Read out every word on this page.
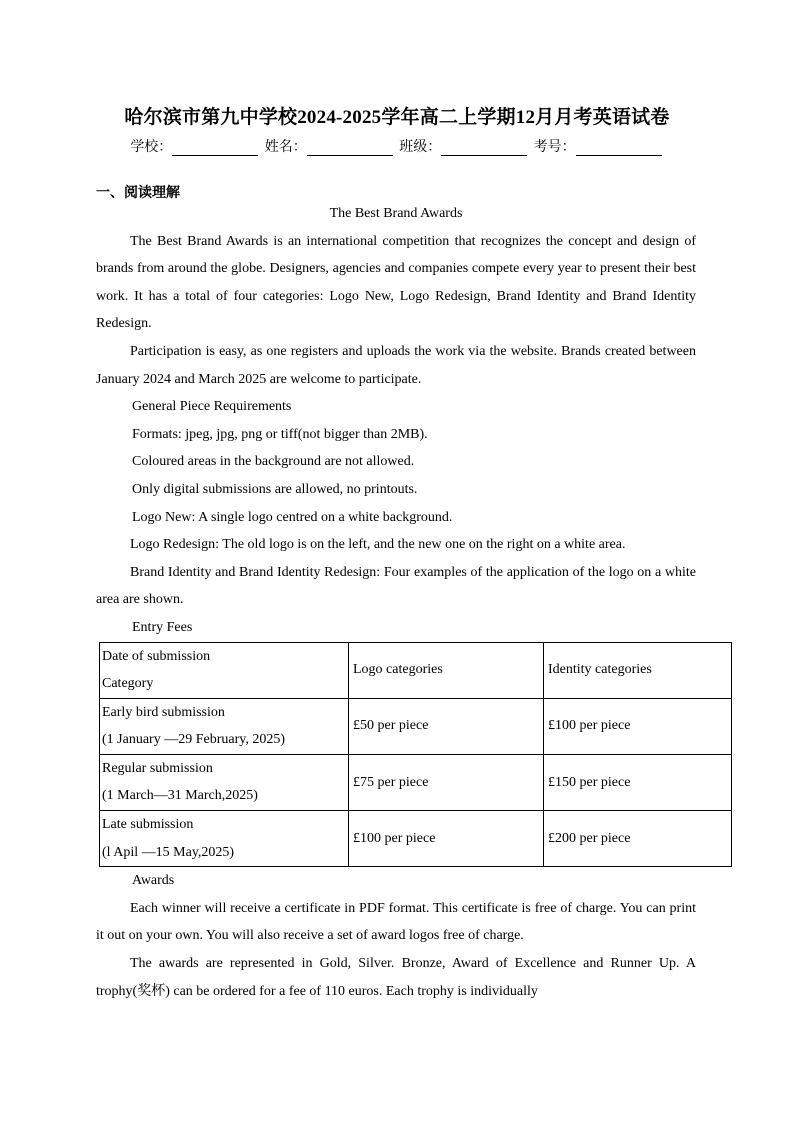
哈尔滨市第九中学校2024-2025学年高二上学期12月月考英语试卷
学校：	姓名：	班级：	考号：
一、阅读理解

The Best Brand Awards

The Best Brand Awards is an international competition that recognizes the concept and design of brands from around the globe. Designers, agencies and companies compete every year to present their best work. It has a total of four categories: Logo New, Logo Redesign, Brand Identity and Brand Identity Redesign.

Participation is easy, as one registers and uploads the work via the website. Brands created between January 2024 and March 2025 are welcome to participate.

General Piece Requirements

Formats: jpeg, jpg, png or tiff(not bigger than 2MB).

Coloured areas in the background are not allowed.

Only digital submissions are allowed, no printouts.

Logo New: A single logo centred on a white background.

Logo Redesign: The old logo is on the left, and the new one on the right on a white area.

Brand Identity and Brand Identity Redesign: Four examples of the application of the logo on a white area are shown.

Entry Fees

Date of submission
Category	Logo categories	Identity categories

Early bird submission
(1 January —29 February, 2025)	£50 per piece	£100 per piece

Regular submission
(1 March—31 March,2025)	£75 per piece	£150 per piece

Late submission
(l Apil —15 May,2025)	£100 per piece	£200 per piece

Awards

Each winner will receive a certificate in PDF format. This certificate is free of charge. You can print it out on your own. You will also receive a set of award logos free of charge.

The awards are represented in Gold, Silver. Bronze, Award of Excellence and Runner Up. A trophy(奖杯) can be ordered for a fee of 110 euros. Each trophy is individually
